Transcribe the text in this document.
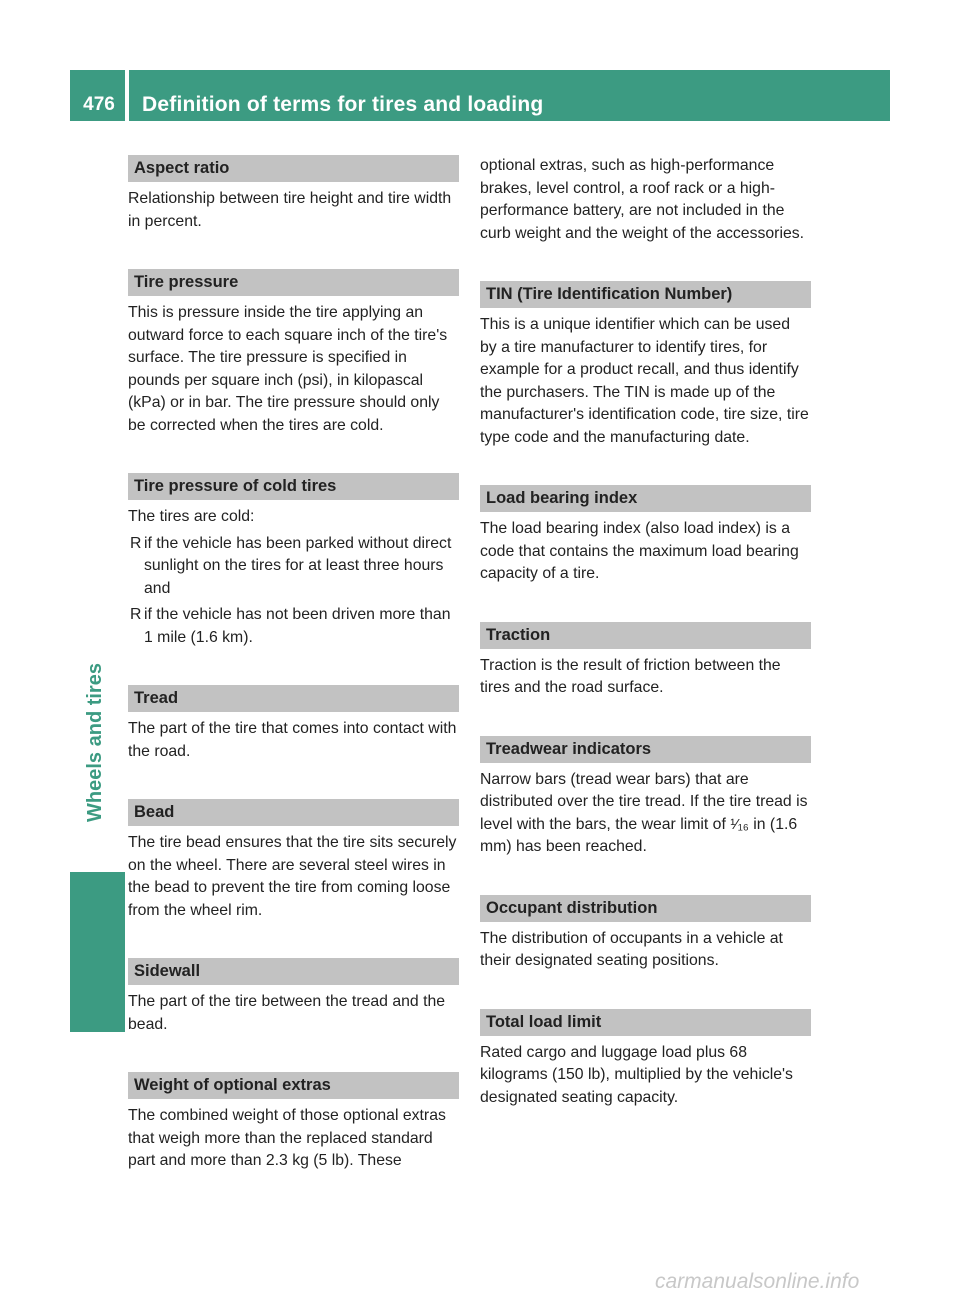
476	Definition of terms for tires and loading
Wheels and tires
Aspect ratio

Relationship between tire height and tire width in percent.

Tire pressure

This is pressure inside the tire applying an outward force to each square inch of the tire's surface. The tire pressure is specified in pounds per square inch (psi), in kilopascal (kPa) or in bar. The tire pressure should only be corrected when the tires are cold.

Tire pressure of cold tires

The tires are cold:

R if the vehicle has been parked without direct sunlight on the tires for at least three hours and
R if the vehicle has not been driven more than 1 mile (1.6 km).
Tread

The part of the tire that comes into contact with the road.

Bead

The tire bead ensures that the tire sits securely on the wheel. There are several steel wires in the bead to prevent the tire from coming loose from the wheel rim.

Sidewall

The part of the tire between the tread and the bead.

Weight of optional extras

The combined weight of those optional extras that weigh more than the replaced standard part and more than 2.3 kg (5 lb). These

optional extras, such as high-performance brakes, level control, a roof rack or a high-performance battery, are not included in the curb weight and the weight of the accessories.

TIN (Tire Identification Number)

This is a unique identifier which can be used by a tire manufacturer to identify tires, for example for a product recall, and thus identify the purchasers. The TIN is made up of the manufacturer's identification code, tire size, tire type code and the manufacturing date.

Load bearing index

The load bearing index (also load index) is a code that contains the maximum load bearing capacity of a tire.

Traction

Traction is the result of friction between the tires and the road surface.

Treadwear indicators

Narrow bars (tread wear bars) that are distributed over the tire tread. If the tire tread is level with the bars, the wear limit of ¹⁄₁₆ in (1.6 mm) has been reached.

Occupant distribution

The distribution of occupants in a vehicle at their designated seating positions.

Total load limit

Rated cargo and luggage load plus 68 kilograms (150 lb), multiplied by the vehicle's designated seating capacity.

carmanualsonline.info
